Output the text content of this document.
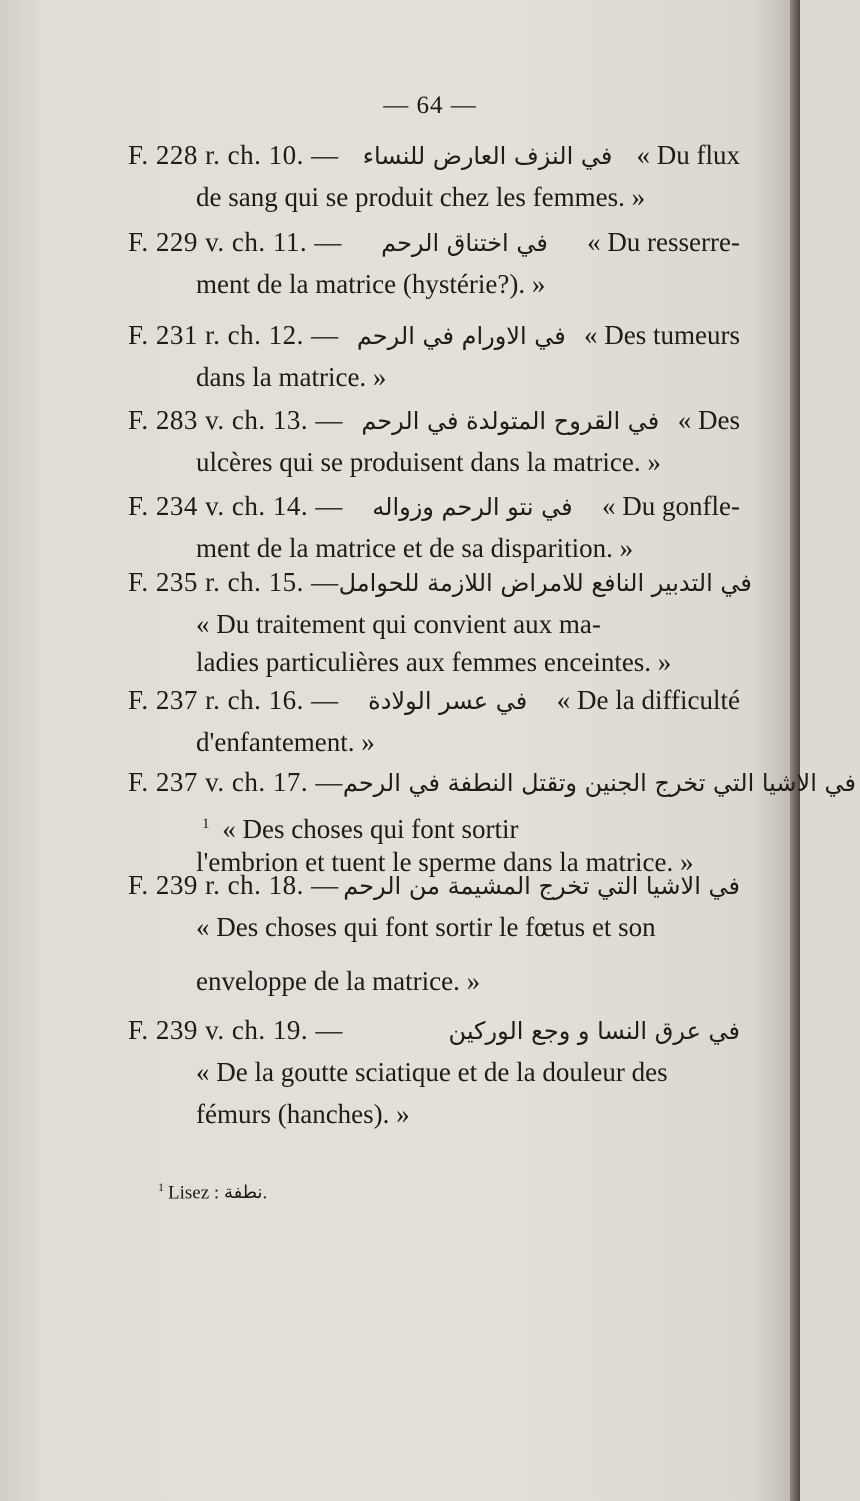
— 64 —
F. 228 r. ch. 10. — في النزف العارض للنساء « Du flux
de sang qui se produit chez les femmes. »
F. 229 v. ch. 11. — في اختناق الرحم « Du resserre-
ment de la matrice (hystérie?). »
F. 231 r. ch. 12. — في الاورام في الرحم « Des tumeurs
dans la matrice. »
F. 283 v. ch. 13. — في القروح المتولدة في الرحم « Des
ulcères qui se produisent dans la matrice. »
F. 234 v. ch. 14. — في نتو الرحم وزواله « Du gonfle-
ment de la matrice et de sa disparition. »
F. 235 r. ch. 15. — في التدبير النافع للامراض اللازمة للحوامل
« Du traitement qui convient aux ma-
ladies particulières aux femmes enceintes. »
F. 237 r. ch. 16. — في عسر الولادة « De la difficulté
d'enfantement. »
F. 237 v. ch. 17. — في الاشيا التي تخرج الجنين وتقتل النطفة في الرحم
$^1$ « Des choses qui font sortir
l'embrion et tuent le sperme dans la matrice. »
F. 239 r. ch. 18. — في الاشيا التي تخرج المشيمة من الرحم
« Des choses qui font sortir le fœtus et son
enveloppe de la matrice. »
F. 239 v. ch. 19. —	في عرق النسا و وجع الوركين
« De la goutte sciatique et de la douleur des
fémurs (hanches). »
$^1$ Lisez : نطفة.
